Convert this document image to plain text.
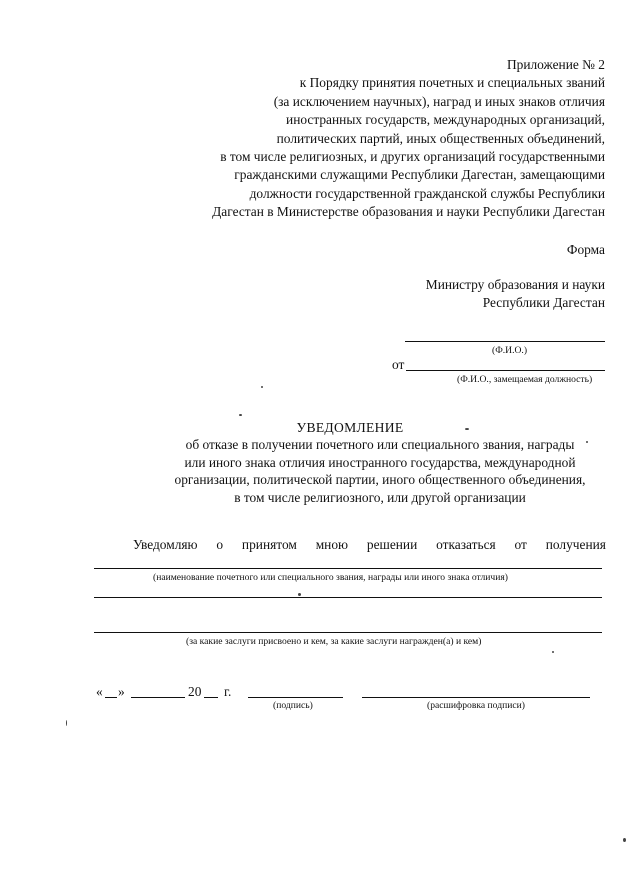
Приложение № 2
к Порядку принятия почетных и специальных званий
(за исключением научных), наград и иных знаков отличия
иностранных государств, международных организаций,
политических партий, иных общественных объединений,
в том числе религиозных, и других организаций государственными
гражданскими служащими Республики Дагестан, замещающими
должности государственной гражданской службы Республики
Дагестан в Министерстве образования и науки Республики Дагестан
Форма
Министру образования и науки
Республики Дагестан
(Ф.И.О.)
от
(Ф.И.О., замещаемая должность)
УВЕДОМЛЕНИЕ
об отказе в получении почетного или специального звания, награды
или иного знака отличия иностранного государства, международной
организации, политической партии, иного общественного объединения,
в том числе религиозного, или другой организации
Уведомляю о принятом мною решении отказаться от получения
(наименование почетного или специального звания, награды или иного знака отличия)
(за какие заслуги присвоено и кем, за какие заслуги награжден(а) и кем)
« »	20 г.
(подпись)	(расшифровка подписи)
